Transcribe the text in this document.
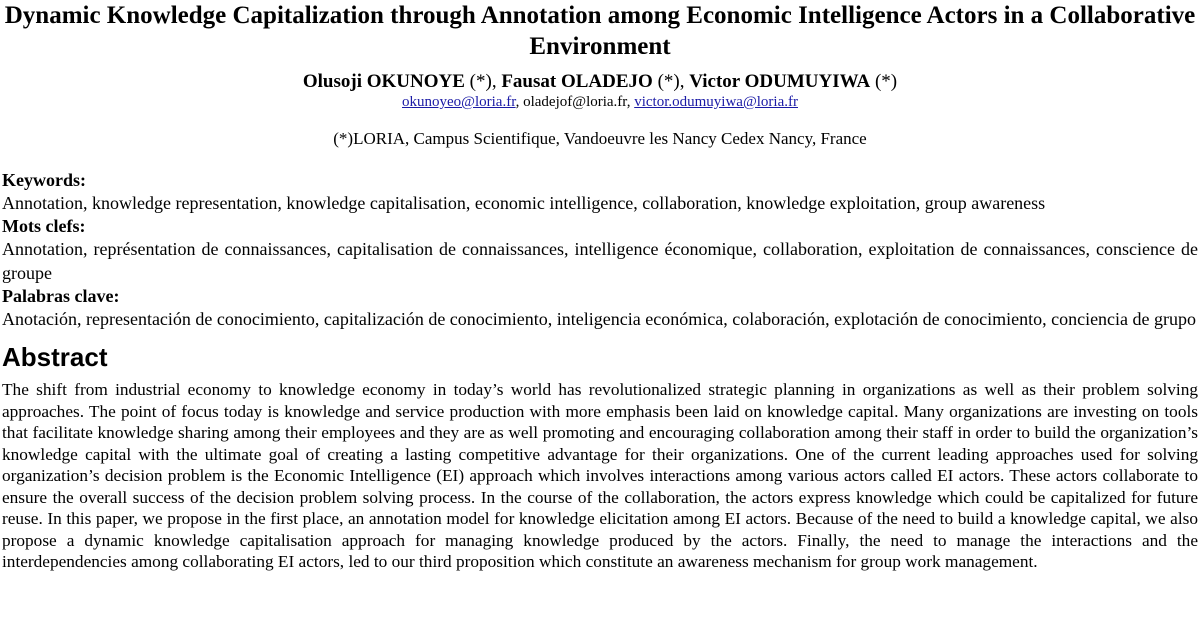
Dynamic Knowledge Capitalization through Annotation among Economic Intelligence Actors in a Collaborative Environment
Olusoji OKUNOYE (*), Fausat OLADEJO (*), Victor ODUMUYIWA (*)
okunoyeo@loria.fr, oladejof@loria.fr, victor.odumuyiwa@loria.fr
(*)LORIA, Campus Scientifique, Vandoeuvre les Nancy Cedex Nancy, France
Keywords:
Annotation, knowledge representation, knowledge capitalisation, economic intelligence, collaboration, knowledge exploitation, group awareness
Mots clefs:
Annotation, représentation de connaissances, capitalisation de connaissances, intelligence économique, collaboration, exploitation de connaissances, conscience de groupe
Palabras clave:
Anotación, representación de conocimiento, capitalización de conocimiento, inteligencia económica, colaboración, explotación de conocimiento, conciencia de grupo
Abstract
The shift from industrial economy to knowledge economy in today’s world has revolutionalized strategic planning in organizations as well as their problem solving approaches. The point of focus today is knowledge and service production with more emphasis been laid on knowledge capital. Many organizations are investing on tools that facilitate knowledge sharing among their employees and they are as well promoting and encouraging collaboration among their staff in order to build the organization’s knowledge capital with the ultimate goal of creating a lasting competitive advantage for their organizations. One of the current leading approaches used for solving organization’s decision problem is the Economic Intelligence (EI) approach which involves interactions among various actors called EI actors. These actors collaborate to ensure the overall success of the decision problem solving process. In the course of the collaboration, the actors express knowledge which could be capitalized for future reuse. In this paper, we propose in the first place, an annotation model for knowledge elicitation among EI actors. Because of the need to build a knowledge capital, we also propose a dynamic knowledge capitalisation approach for managing knowledge produced by the actors. Finally, the need to manage the interactions and the interdependencies among collaborating EI actors, led to our third proposition which constitute an awareness mechanism for group work management.
